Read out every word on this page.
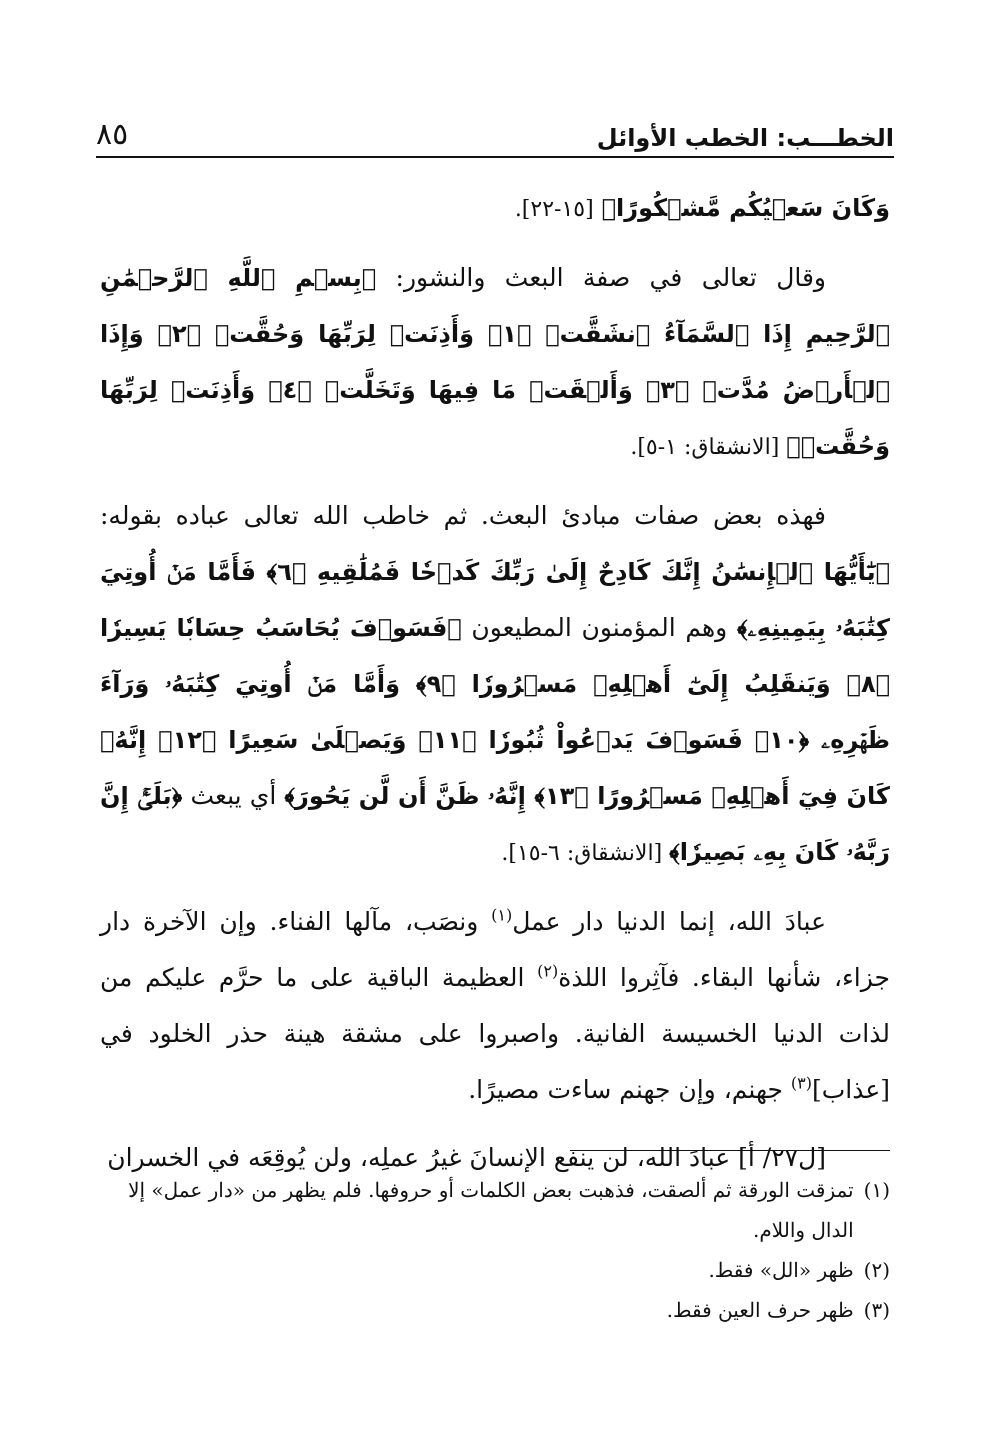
الخطـــب: الخطب الأوائل
٨٥

وَكَانَ سَعۡيُكُم مَّشۡكُورًا﴾ [١٥-٢٢].

وقال تعالى في صفة البعث والنشور: ﴿بِسۡمِ ٱللَّهِ ٱلرَّحۡمَٰنِ ٱلرَّحِيمِ إِذَا ٱلسَّمَآءُ ٱنشَقَّتۡ ﴿١﴾ وَأَذِنَتۡ لِرَبِّهَا وَحُقَّتۡ ﴿٢﴾ وَإِذَا ٱلۡأَرۡضُ مُدَّتۡ ﴿٣﴾ وَأَلۡقَتۡ مَا فِيهَا وَتَخَلَّتۡ ﴿٤﴾ وَأَذِنَتۡ لِرَبِّهَا وَحُقَّتۡ﴾ [الانشقاق: ١-٥].

فهذه بعض صفات مبادئ البعث. ثم خاطب الله تعالى عباده بقوله: ﴿يَٰٓأَيُّهَا ٱلۡإِنسَٰنُ إِنَّكَ كَادِحٌ إِلَىٰ رَبِّكَ كَدۡحٗا فَمُلَٰقِيهِ ﴿٦﴾ فَأَمَّا مَنۡ أُوتِيَ كِتَٰبَهُۥ بِيَمِينِهِۦ﴾ وهم المؤمنون المطيعون ﴿فَسَوۡفَ يُحَاسَبُ حِسَابٗا يَسِيرٗا ﴿٨﴾ وَيَنقَلِبُ إِلَىٰٓ أَهۡلِهِۦ مَسۡرُورٗا ﴿٩﴾ وَأَمَّا مَنۡ أُوتِيَ كِتَٰبَهُۥ وَرَآءَ ظَهۡرِهِۦ ﴿١٠﴾ فَسَوۡفَ يَدۡعُواْ ثُبُورٗا ﴿١١﴾ وَيَصۡلَىٰ سَعِيرًا ﴿١٢﴾ إِنَّهُۥ كَانَ فِيٓ أَهۡلِهِۦ مَسۡرُورًا ﴿١٣﴾ إِنَّهُۥ ظَنَّ أَن لَّن يَحُورَ﴾ أي يبعث ﴿بَلَىٰٓۚ إِنَّ رَبَّهُۥ كَانَ بِهِۦ بَصِيرٗا﴾ [الانشقاق: ٦-١٥].

عبادَ الله، إنما الدنيا دار عمل$^{(١)}$ ونصَب، مآلها الفناء. وإن الآخرة دار جزاء، شأنها البقاء. فآثِروا اللذة$^{(٢)}$ العظيمة الباقية على ما حرَّم عليكم من لذات الدنيا الخسيسة الفانية. واصبروا على مشقة هينة حذر الخلود في [عذاب]$^{(٣)}$ جهنم، وإن جهنم ساءت مصيرًا.

[ل٢٧/ أ] عبادَ الله، لن ينفع الإنسانَ غيرُ عملِه، ولن يُوقِعَه في الخسران

(١)
تمزقت الورقة ثم ألصقت، فذهبت بعض الكلمات أو حروفها. فلم يظهر من «دار عمل» إلا الدال واللام.
(٢)
ظهر «الل» فقط.
(٣)
ظهر حرف العين فقط.
